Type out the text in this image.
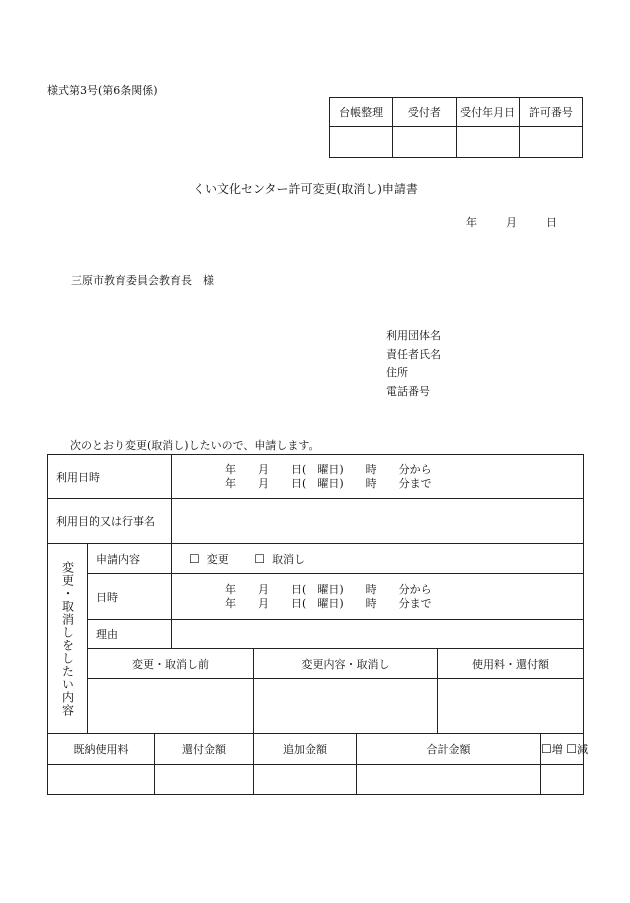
様式第3号(第6条関係)
台帳整理	受付者	受付年月日	許可番号

くい文化センター許可変更(取消し)申請書
年	月	日
三原市教育委員会教育長　様
利用団体名
責任者氏名
住所
電話番号
次のとおり変更(取消し)したいので、申請します。
利用日時			年　　月　　日(　曜日)　　時　　分から
年　　月　　日(　曜日)　　時　　分まで				

利用目的又は行事名							

変更・取消しをしたい内容	申請内容		☐ 変更 ☐ 取消し				
	日時		年　　月　　日(　曜日)　　時　　分から
年　　月　　日(　曜日)　　時　　分まで				

	理由						
	変更・取消し前			変更内容・取消し		使用料・還付額	

既納使用料		還付金額		追加金額	合計金額		☐増 ☐減
